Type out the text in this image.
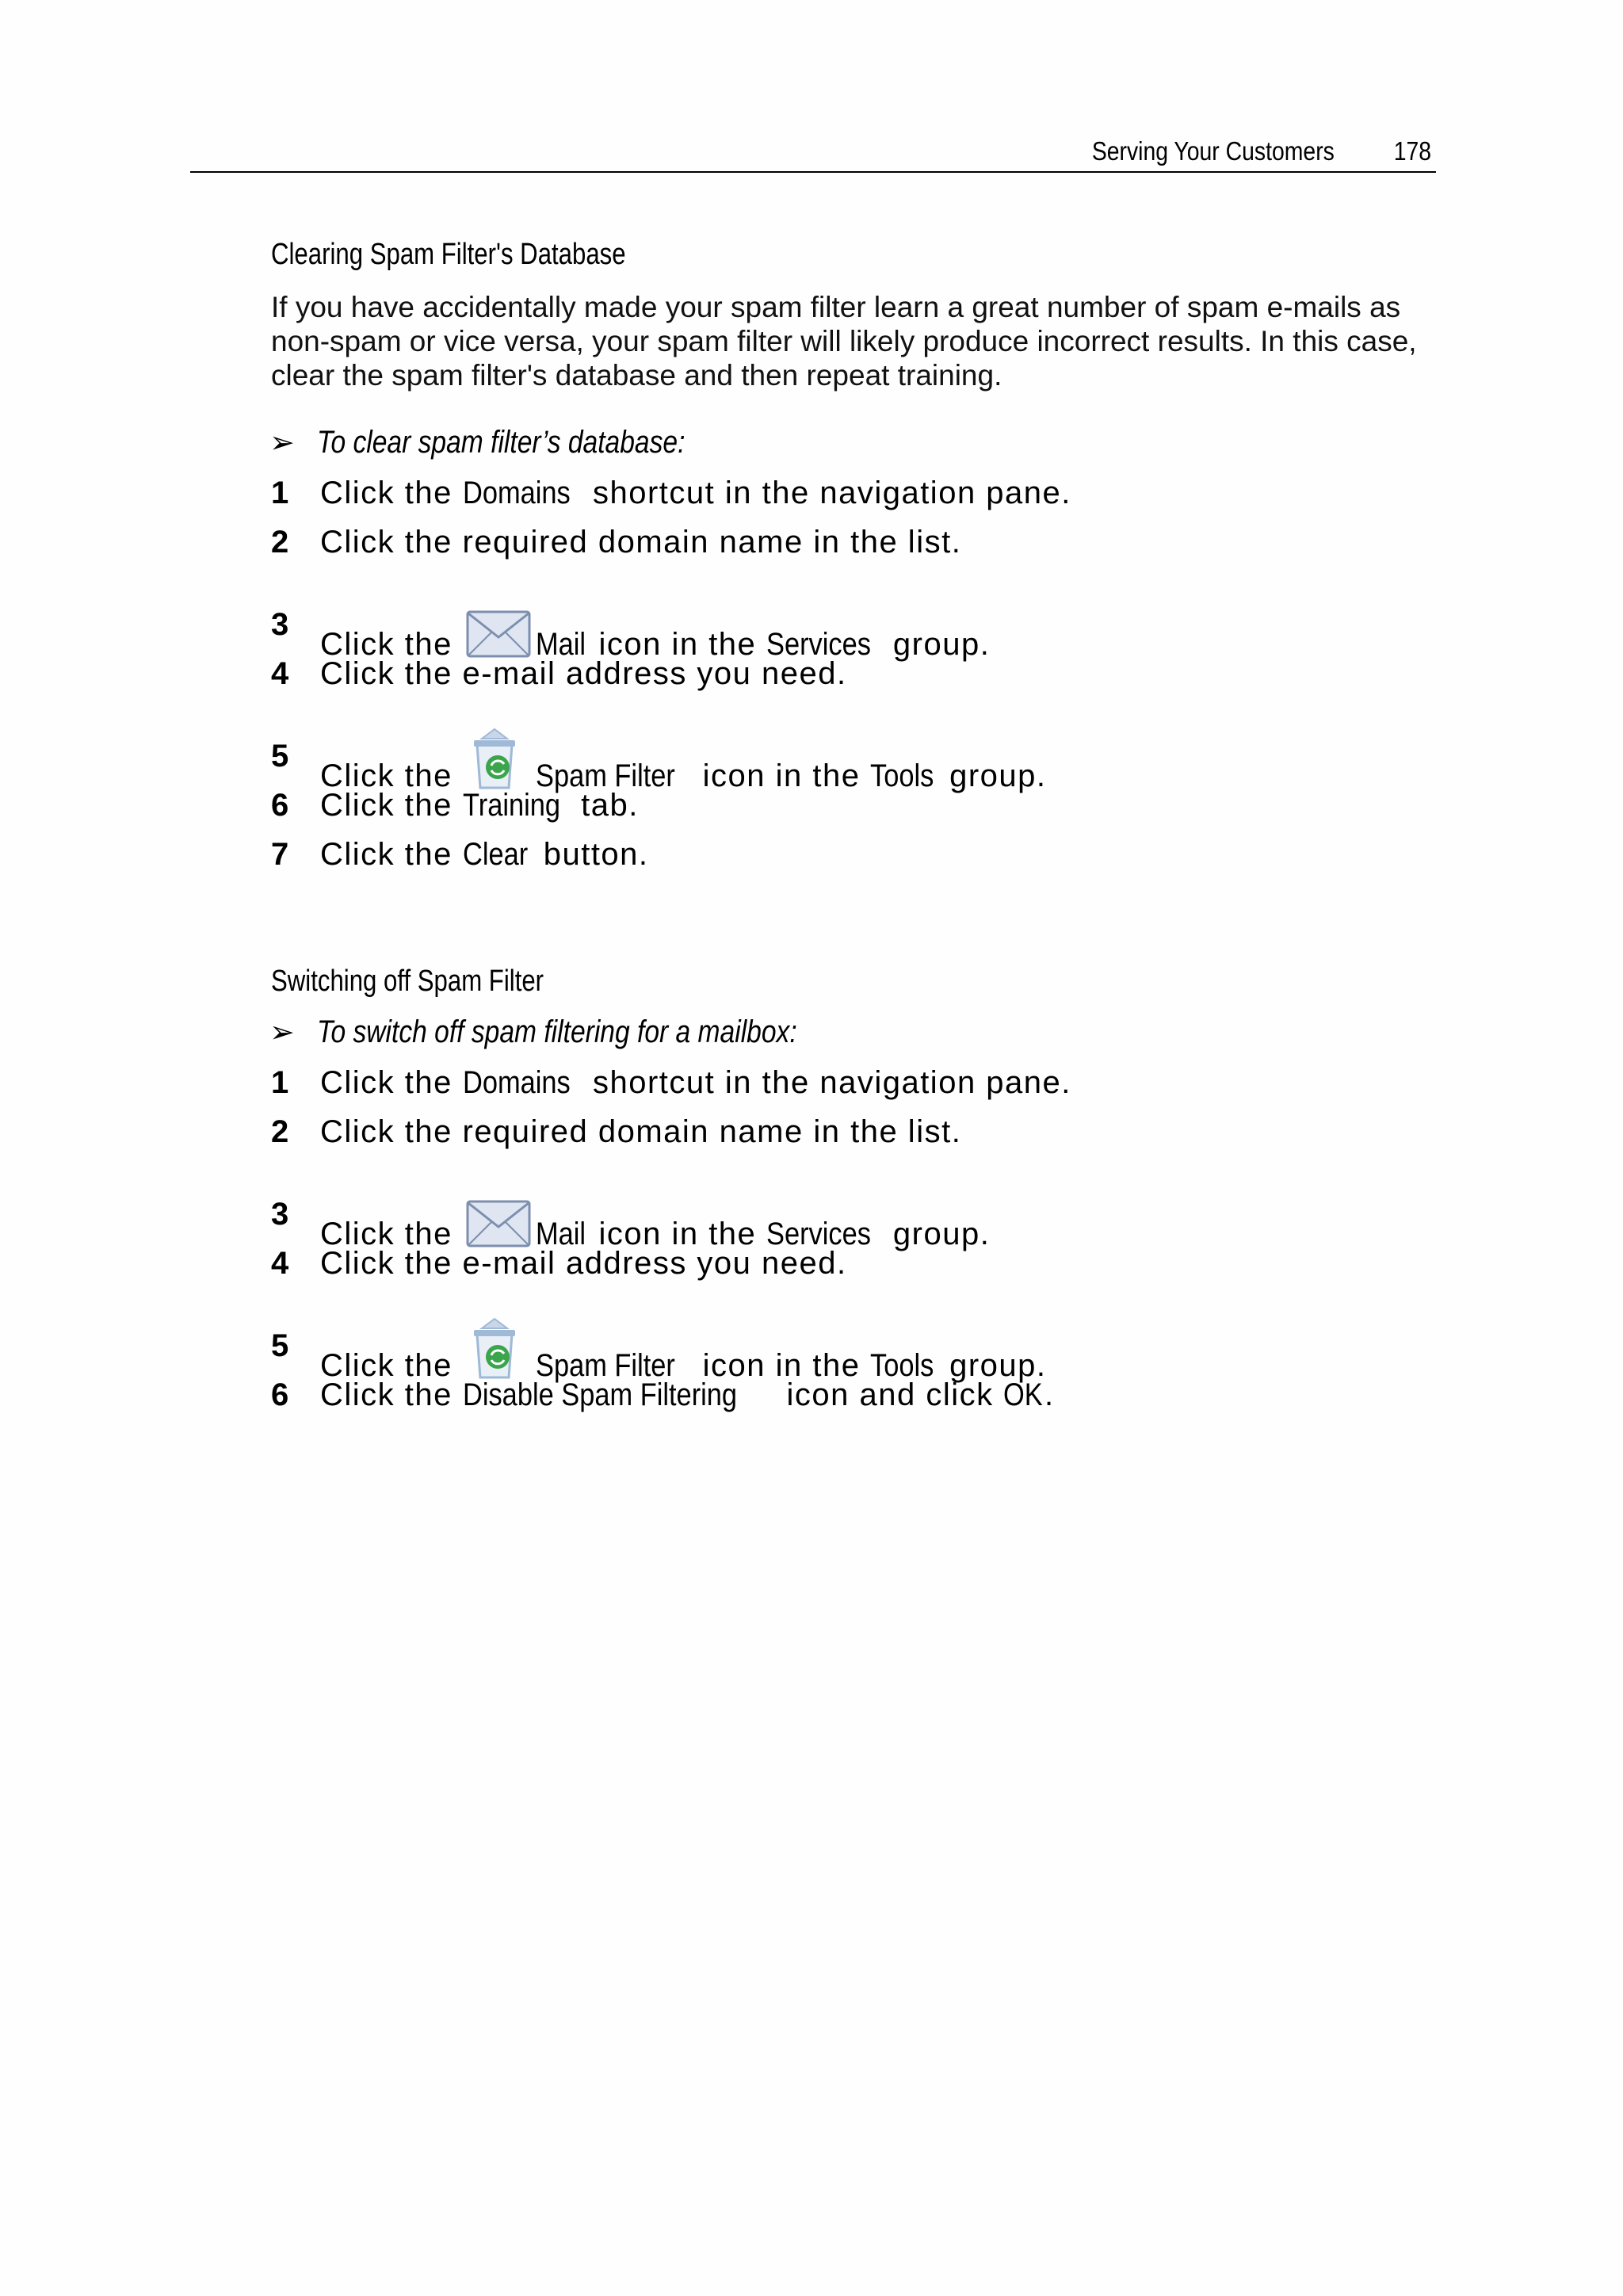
Serving Your Customers 178
Clearing Spam Filter's Database
If you have accidentally made your spam filter learn a great number of spam e-mails as non-spam or vice versa, your spam filter will likely produce incorrect results. In this case, clear the spam filter's database and then repeat training.
➢ To clear spam filter’s database:
1 Click the Domains shortcut in the navigation pane.
2 Click the required domain name in the list.
3
Click the
Mail icon in the Services group.
4 Click the e-mail address you need.
5
Click the
Spam Filter icon in the Tools group.
6 Click the Training tab.
7 Click the Clear button.
Switching off Spam Filter
➢ To switch off spam filtering for a mailbox:
1 Click the Domains shortcut in the navigation pane.
2 Click the required domain name in the list.
3
Click the
Mail icon in the Services group.
4 Click the e-mail address you need.
5
Click the
Spam Filter icon in the Tools group.
6 Click the Disable Spam Filtering icon and click OK.
